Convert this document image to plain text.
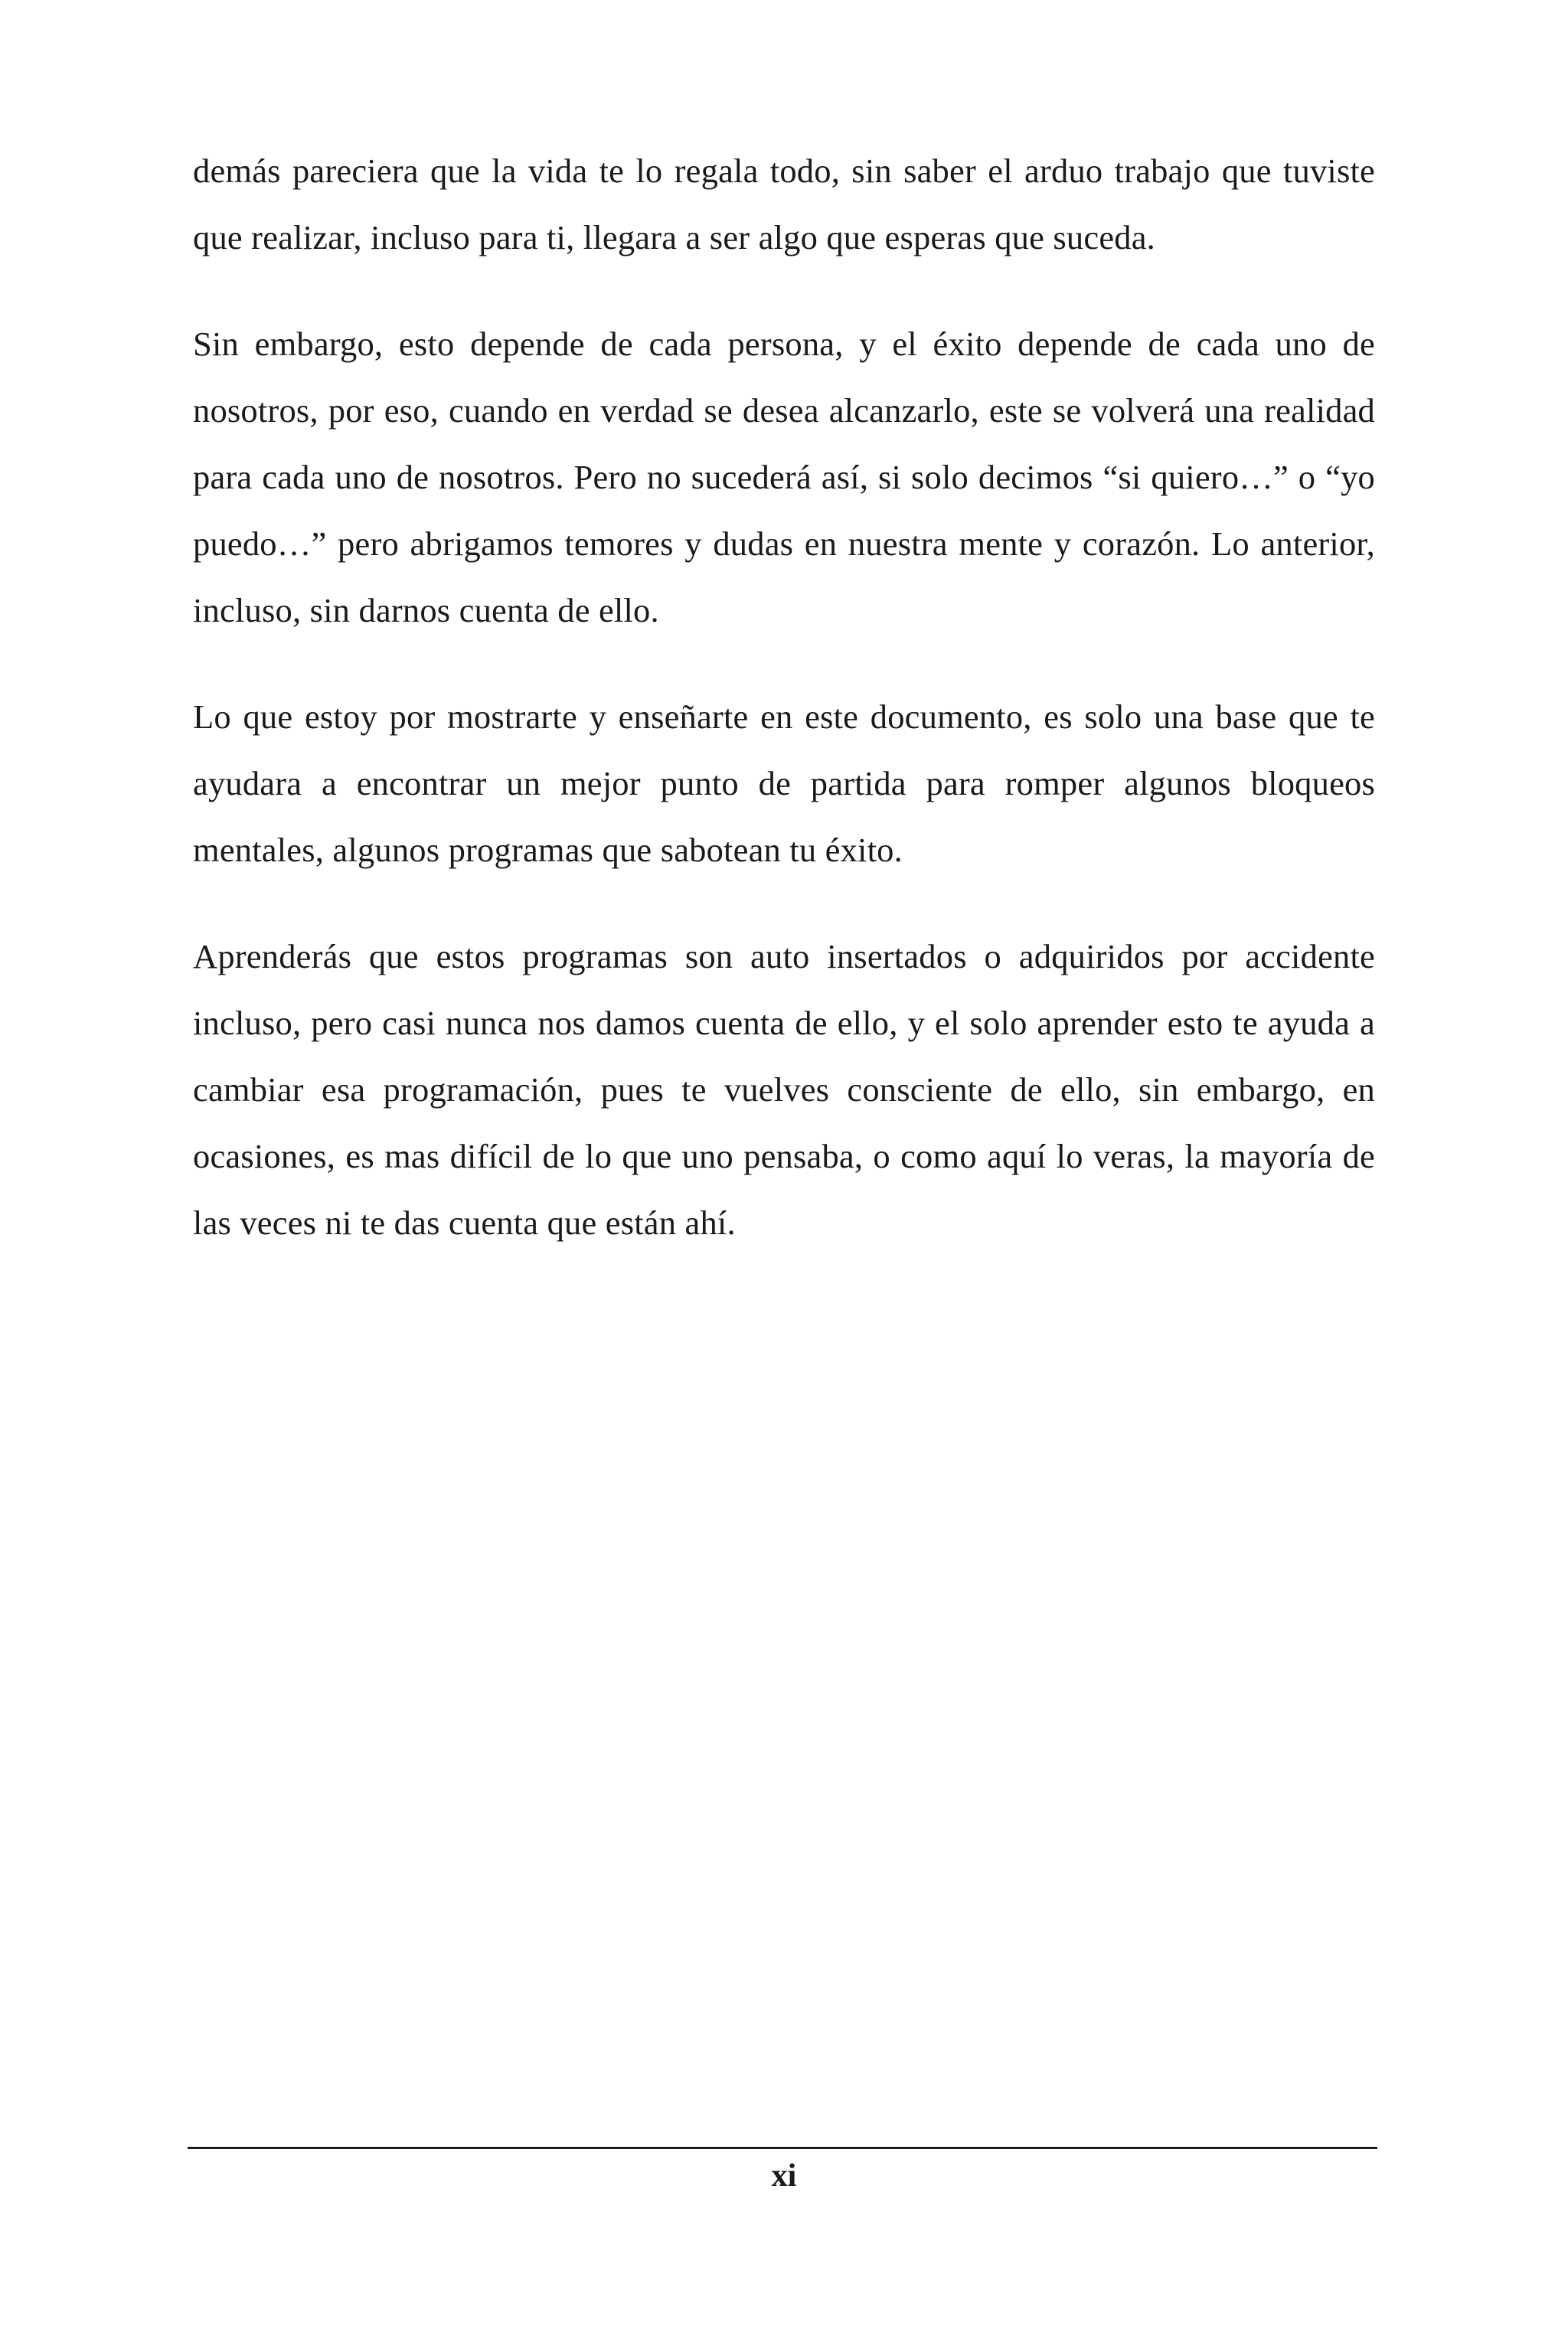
demás pareciera que la vida te lo regala todo, sin saber el arduo trabajo que tuviste que realizar, incluso para ti, llegara a ser algo que esperas que suceda.

Sin embargo, esto depende de cada persona, y el éxito depende de cada uno de nosotros, por eso, cuando en verdad se desea alcanzarlo, este se volverá una realidad para cada uno de nosotros. Pero no sucederá así, si solo decimos “si quiero…” o “yo puedo…” pero abrigamos temores y dudas en nuestra mente y corazón. Lo anterior, incluso, sin darnos cuenta de ello.

Lo que estoy por mostrarte y enseñarte en este documento, es solo una base que te ayudara a encontrar un mejor punto de partida para romper algunos bloqueos mentales, algunos programas que sabotean tu éxito.

Aprenderás que estos programas son auto insertados o adquiridos por accidente incluso, pero casi nunca nos damos cuenta de ello, y el solo aprender esto te ayuda a cambiar esa programación, pues te vuelves consciente de ello, sin embargo, en ocasiones, es mas difícil de lo que uno pensaba, o como aquí lo veras, la mayoría de las veces ni te das cuenta que están ahí.

xi
